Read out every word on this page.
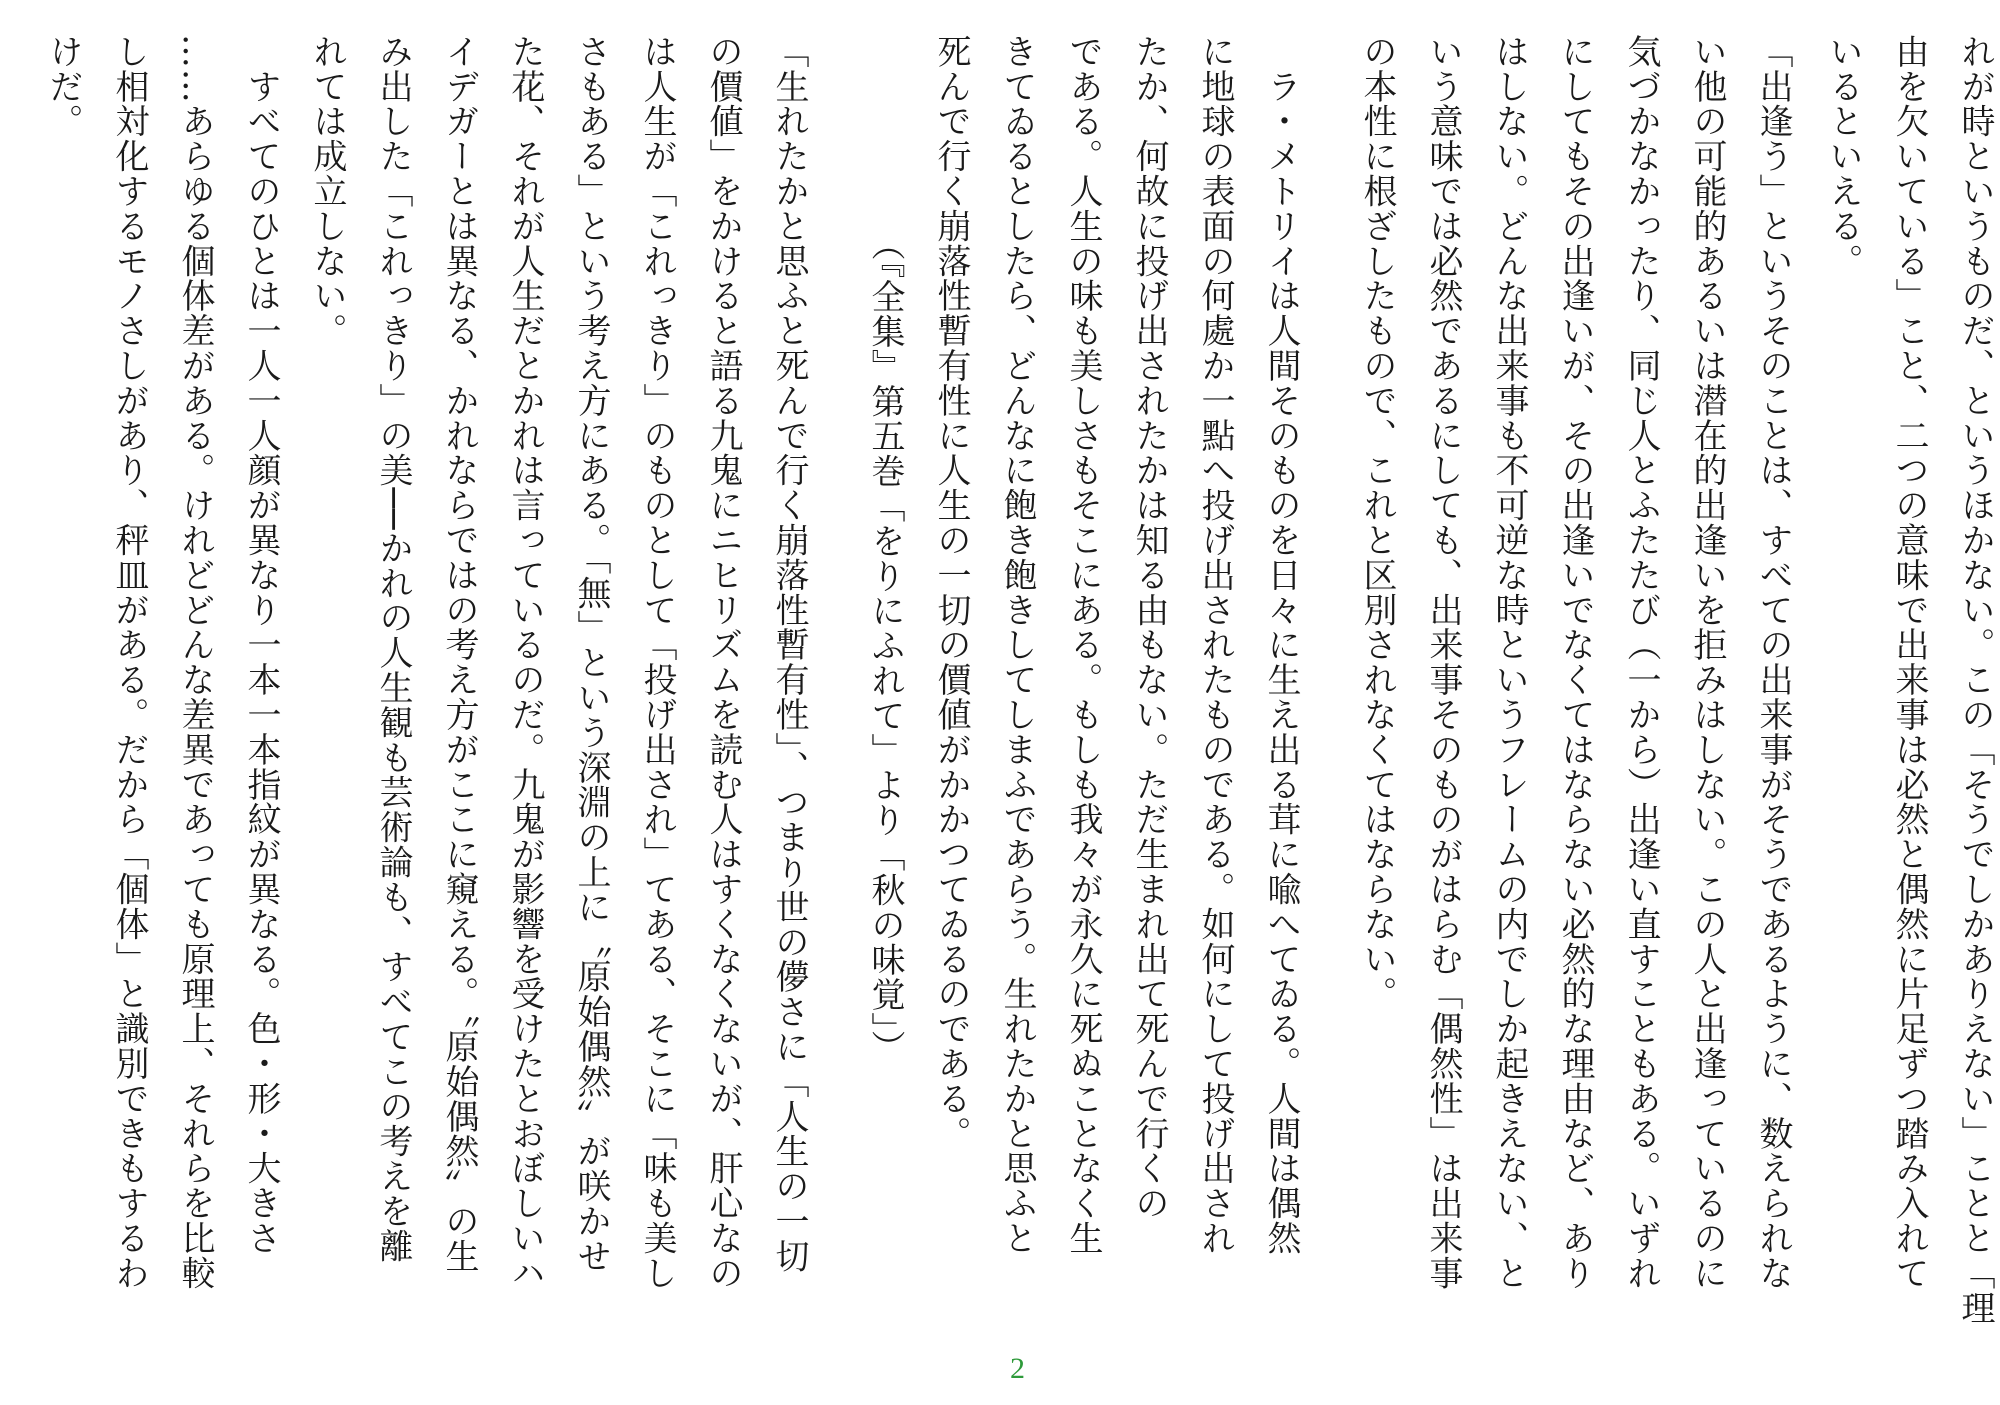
れが時というものだ、というほかない。この「そうでしかありえない」ことと「理
由を欠いている」こと、二つの意味で出来事は必然と偶然に片足ずつ踏み入れて
いるといえる。
「出逢う」というそのことは、すべての出来事がそうであるように、数えられな
い他の可能的あるいは潜在的出逢いを拒みはしない。この人と出逢っているのに
気づかなかったり、同じ人とふたたび（一から）出逢い直すこともある。いずれ
にしてもその出逢いが、その出逢いでなくてはならない必然的な理由など、あり
はしない。どんな出来事も不可逆な時というフレームの内でしか起きえない、と
いう意味では必然であるにしても、出来事そのものがはらむ「偶然性」は出来事
の本性に根ざしたもので、これと区別されなくてはならない。
　ラ・メトリイは人間そのものを日々に生え出る茸に喩へてゐる。人間は偶然
に地球の表面の何處か一點へ投げ出されたものである。如何にして投げ出され
たか、何故に投げ出されたかは知る由もない。ただ生まれ出て死んで行くの
である。人生の味も美しさもそこにある。もしも我々が永久に死ぬことなく生
きてゐるとしたら、どんなに飽き飽きしてしまふであらう。生れたかと思ふと
死んで行く崩落性暫有性に人生の一切の價値がかかつてゐるのである。
　　　　　　（『全集』第五巻「をりにふれて」より「秋の味覚」）
「生れたかと思ふと死んで行く崩落性暫有性」、つまり世の儚さに「人生の一切
の價値」をかけると語る九鬼にニヒリズムを読む人はすくなくないが、肝心なの
は人生が「これっきり」のものとして「投げ出され」てある、そこに「味も美し
さもある」という考え方にある。「無」という深淵の上に〝原始偶然〟が咲かせ
た花、それが人生だとかれは言っているのだ。九鬼が影響を受けたとおぼしいハ
イデガーとは異なる、かれならではの考え方がここに窺える。〝原始偶然〟の生
み出した「これっきり」の美──かれの人生観も芸術論も、すべてこの考えを離
れては成立しない。
　すべてのひとは一人一人顔が異なり一本一本指紋が異なる。色・形・大きさ
……あらゆる個体差がある。けれどどんな差異であっても原理上、それらを比較
し相対化するモノさしがあり、秤皿がある。だから「個体」と識別できもするわ
けだ。
2
